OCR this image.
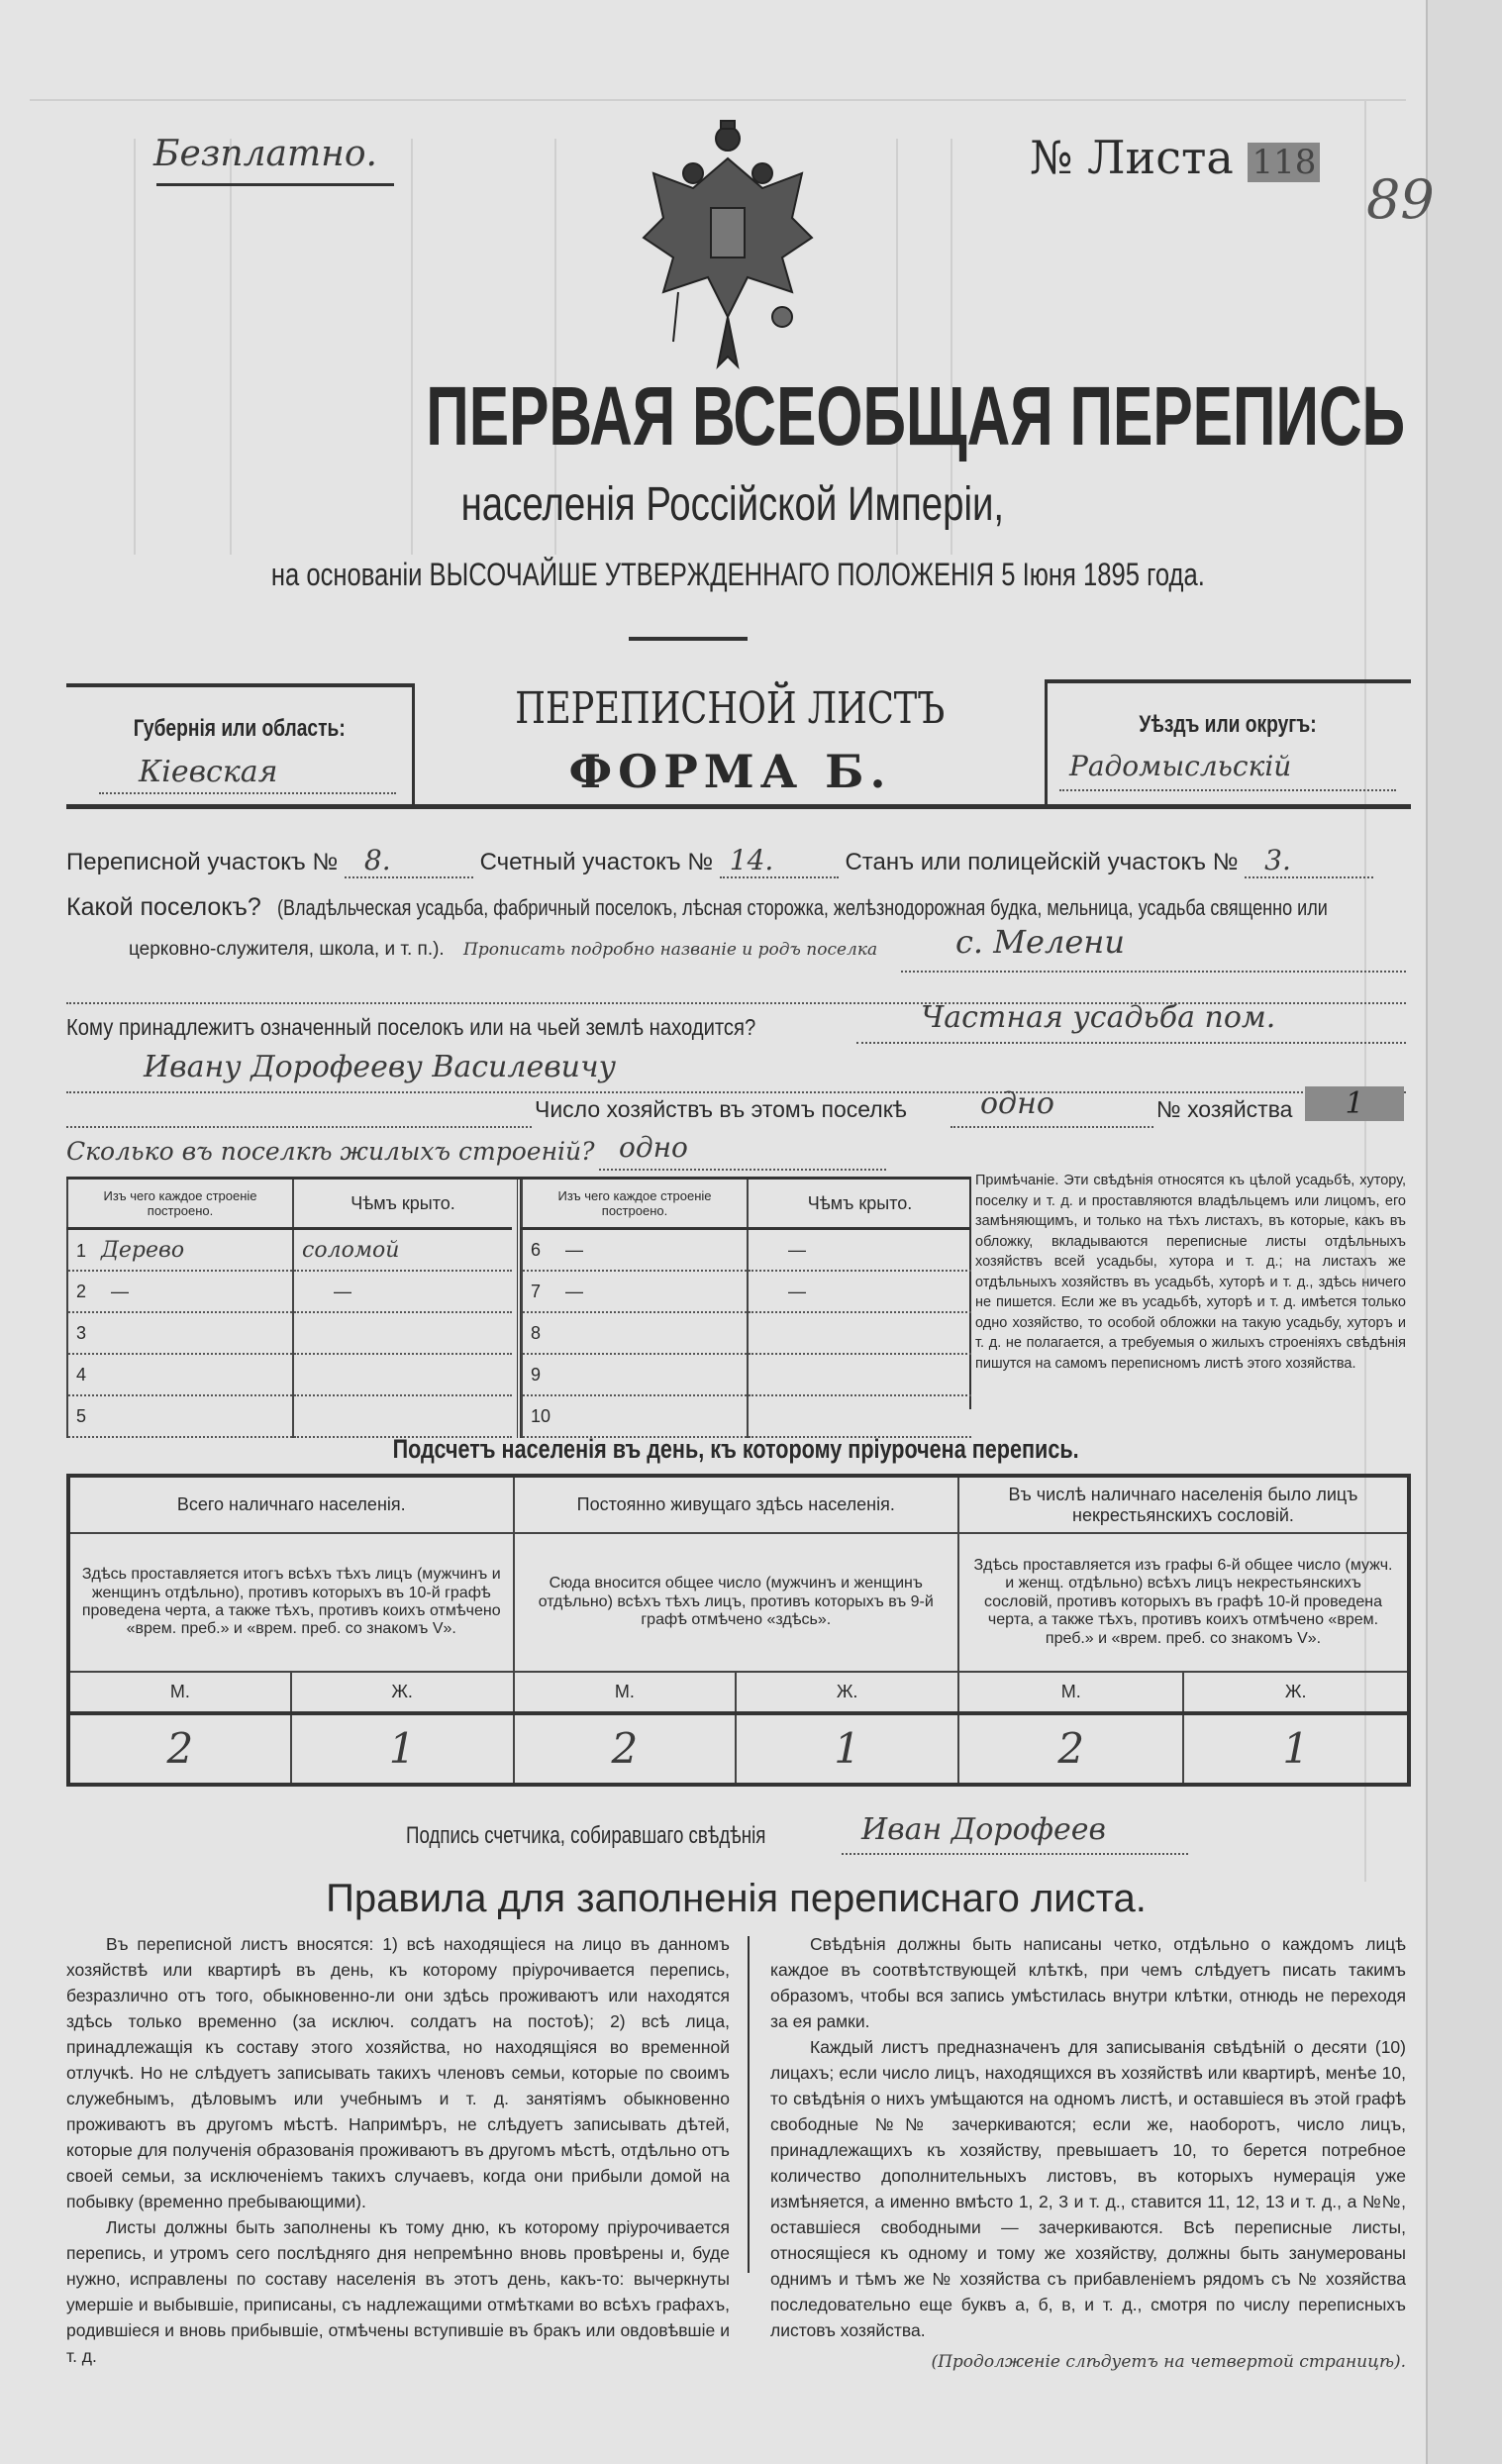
Безплатно.	№ Листа 118
89
ПЕРВАЯ ВСЕОБЩАЯ ПЕРЕПИСЬ
населенія Россійской Имперіи,
на основаніи ВЫСОЧАЙШЕ УТВЕРЖДЕННАГО ПОЛОЖЕНІЯ 5 Іюня 1895 года.
Губернія или область:
Кіевская
ПЕРЕПИСНОЙ ЛИСТЪ
ФОРМА Б.
Уѣздъ или округъ:
Радомысльскій
Переписной участокъ № 8.	Счетный участокъ № 14.	Станъ или полицейскій участокъ № 3.
Какой поселокъ? (Владѣльческая усадьба, фабричный поселокъ, лѣсная сторожка, желѣзнодорожная будка, мельница, усадьба священно или
церковно-служителя, школа, и т. п.). Прописать подробно названіе и родъ поселка с. Мелени
Кому принадлежитъ означенный поселокъ или на чьей землѣ находится?	Частная усадьба пом.
Ивану Дорофееву Василевичу
Число хозяйствъ въ этомъ поселкѣ одно	№ хозяйства	1
Сколько въ поселкѣ жилыхъ строеній? одно
Изъ чего каждое строеніе построено.	Чѣмъ крыто.
1 Дерево	соломой
2 —	—
3	
4	
5	
Изъ чего каждое строеніе построено.	Чѣмъ крыто.
6 —	—
7 —	—
8	
9	
10	
Примѣчаніе. Эти свѣдѣнія относятся къ цѣлой усадьбѣ, хутору, поселку и т. д. и проставляются владѣльцемъ или лицомъ, его замѣняющимъ, и только на тѣхъ листахъ, въ которые, какъ въ обложку, вкладываются переписные листы отдѣльныхъ хозяйствъ всей усадьбы, хутора и т. д.; на листахъ же отдѣльныхъ хозяйствъ въ усадьбѣ, хуторѣ и т. д., здѣсь ничего не пишется. Если же въ усадьбѣ, хуторѣ и т. д. имѣется только одно хозяйство, то особой обложки на такую усадьбу, хуторъ и т. д. не полагается, а требуемыя о жилыхъ строеніяхъ свѣдѣнія пишутся на самомъ переписномъ листѣ этого хозяйства.
Подсчетъ населенія въ день, къ которому пріурочена перепись.
Всего наличнаго населенія.		Постоянно живущаго здѣсь населенія.		Въ числѣ наличнаго населенія было лицъ некрестьянскихъ сословій.	
Здѣсь проставляется итогъ всѣхъ тѣхъ лицъ (мужчинъ и женщинъ отдѣльно), противъ которыхъ въ 10-й графѣ проведена черта, а также тѣхъ, противъ коихъ отмѣчено «врем. преб.» и «врем. преб. со знакомъ V».		Сюда вносится общее число (мужчинъ и женщинъ отдѣльно) всѣхъ тѣхъ лицъ, противъ которыхъ въ 9-й графѣ отмѣчено «здѣсь».		Здѣсь проставляется изъ графы 6-й общее число (мужч. и женщ. отдѣльно) всѣхъ лицъ некрестьянскихъ сословій, противъ которыхъ въ графѣ 10-й проведена черта, а также тѣхъ, противъ коихъ отмѣчено «врем. преб.» и «врем. преб. со знакомъ V».	
М.	Ж.	М.	Ж.	М.	Ж.
2	1	2	1	2	1
Подпись счетчика, собиравшаго свѣдѣнія	Иван Дорофеев
Правила для заполненія переписнаго листа.

Въ переписной листъ вносятся: 1) всѣ находящіеся на лицо въ данномъ хозяйствѣ или квартирѣ въ день, къ которому пріурочивается перепись, безразлично отъ того, обыкновенно-ли они здѣсь проживаютъ или находятся здѣсь только временно (за исключ. солдатъ на постоѣ); 2) всѣ лица, принадлежащія къ составу этого хозяйства, но находящіяся во временной отлучкѣ. Но не слѣдуетъ записывать такихъ членовъ семьи, которые по своимъ служебнымъ, дѣловымъ или учебнымъ и т. д. занятіямъ обыкновенно проживаютъ въ другомъ мѣстѣ. Напримѣръ, не слѣдуетъ записывать дѣтей, которые для полученія образованія проживаютъ въ другомъ мѣстѣ, отдѣльно отъ своей семьи, за исключеніемъ такихъ случаевъ, когда они прибыли домой на побывку (временно пребывающими).

Листы должны быть заполнены къ тому дню, къ которому пріурочивается перепись, и утромъ сего послѣдняго дня непремѣнно вновь провѣрены и, буде нужно, исправлены по составу населенія въ этотъ день, какъ-то: вычеркнуты умершіе и выбывшіе, приписаны, съ надлежащими отмѣтками во всѣхъ графахъ, родившіеся и вновь прибывшіе, отмѣчены вступившіе въ бракъ или овдовѣвшіе и т. д.

Свѣдѣнія должны быть написаны четко, отдѣльно о каждомъ лицѣ каждое въ соотвѣтствующей клѣткѣ, при чемъ слѣдуетъ писать такимъ образомъ, чтобы вся запись умѣстилась внутри клѣтки, отнюдь не переходя за ея рамки.

Каждый листъ предназначенъ для записыванія свѣдѣній о десяти (10) лицахъ; если число лицъ, находящихся въ хозяйствѣ или квартирѣ, менѣе 10, то свѣдѣнія о нихъ умѣщаются на одномъ листѣ, и оставшіеся въ этой графѣ свободные №№ зачеркиваются; если же, наоборотъ, число лицъ, принадлежащихъ къ хозяйству, превышаетъ 10, то берется потребное количество дополнительныхъ листовъ, въ которыхъ нумерація уже измѣняется, а именно вмѣсто 1, 2, 3 и т. д., ставится 11, 12, 13 и т. д., а №№, оставшіеся свободными — зачеркиваются. Всѣ переписные листы, относящіеся къ одному и тому же хозяйству, должны быть занумерованы однимъ и тѣмъ же № хозяйства съ прибавленіемъ рядомъ съ № хозяйства последовательно еще буквъ а, б, в, и т. д., смотря по числу переписныхъ листовъ хозяйства.

(Продолженіе слѣдуетъ на четвертой страницѣ).
